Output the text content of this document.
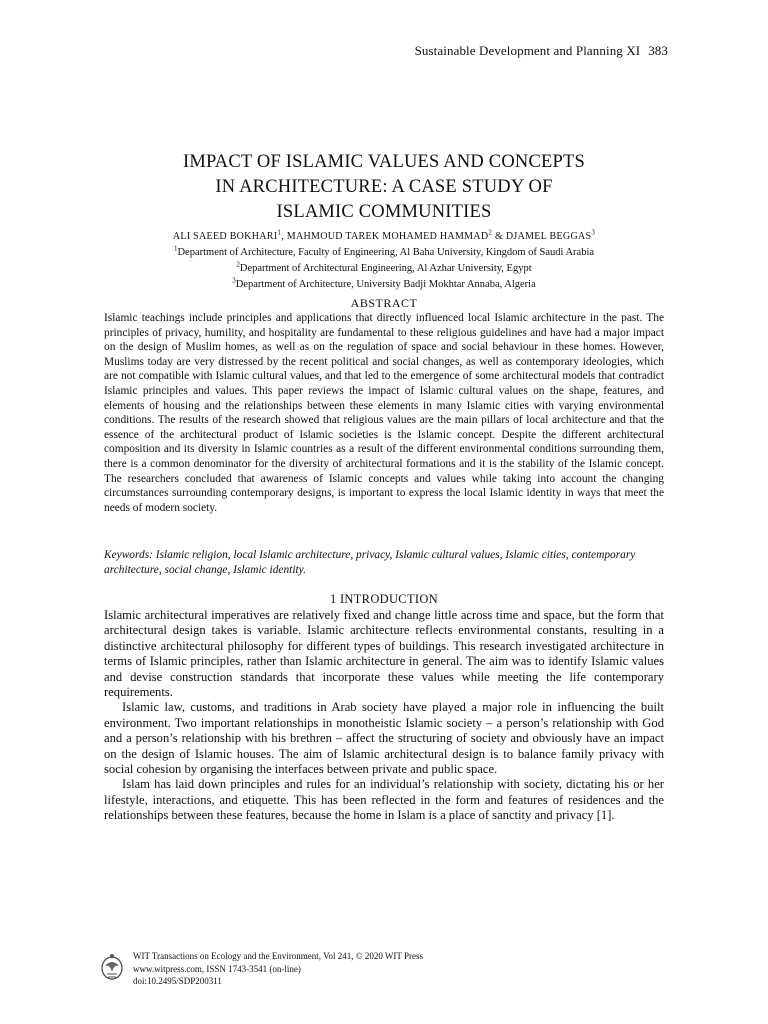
Sustainable Development and Planning XI 383
IMPACT OF ISLAMIC VALUES AND CONCEPTS
IN ARCHITECTURE: A CASE STUDY OF
ISLAMIC COMMUNITIES
ALI SAEED BOKHARI$^1$, MAHMOUD TAREK MOHAMED HAMMAD$^2$ & DJAMEL BEGGAS$^3$
$^1$Department of Architecture, Faculty of Engineering, Al Baha University, Kingdom of Saudi Arabia
$^2$Department of Architectural Engineering, Al Azhar University, Egypt
$^3$Department of Architecture, University Badji Mokhtar Annaba, Algeria
ABSTRACT

Islamic teachings include principles and applications that directly influenced local Islamic architecture in the past. The principles of privacy, humility, and hospitality are fundamental to these religious guidelines and have had a major impact on the design of Muslim homes, as well as on the regulation of space and social behaviour in these homes. However, Muslims today are very distressed by the recent political and social changes, as well as contemporary ideologies, which are not compatible with Islamic cultural values, and that led to the emergence of some architectural models that contradict Islamic principles and values. This paper reviews the impact of Islamic cultural values on the shape, features, and elements of housing and the relationships between these elements in many Islamic cities with varying environmental conditions. The results of the research showed that religious values are the main pillars of local architecture and that the essence of the architectural product of Islamic societies is the Islamic concept. Despite the different architectural composition and its diversity in Islamic countries as a result of the different environmental conditions surrounding them, there is a common denominator for the diversity of architectural formations and it is the stability of the Islamic concept. The researchers concluded that awareness of Islamic concepts and values while taking into account the changing circumstances surrounding contemporary designs, is important to express the local Islamic identity in ways that meet the needs of modern society.

Keywords: Islamic religion, local Islamic architecture, privacy, Islamic cultural values, Islamic cities, contemporary architecture, social change, Islamic identity.

1 INTRODUCTION

Islamic architectural imperatives are relatively fixed and change little across time and space, but the form that architectural design takes is variable. Islamic architecture reflects environmental constants, resulting in a distinctive architectural philosophy for different types of buildings. This research investigated architecture in terms of Islamic principles, rather than Islamic architecture in general. The aim was to identify Islamic values and devise construction standards that incorporate these values while meeting the life contemporary requirements.

Islamic law, customs, and traditions in Arab society have played a major role in influencing the built environment. Two important relationships in monotheistic Islamic society – a person’s relationship with God and a person’s relationship with his brethren – affect the structuring of society and obviously have an impact on the design of Islamic houses. The aim of Islamic architectural design is to balance family privacy with social cohesion by organising the interfaces between private and public space.

Islam has laid down principles and rules for an individual’s relationship with society, dictating his or her lifestyle, interactions, and etiquette. This has been reflected in the form and features of residences and the relationships between these features, because the home in Islam is a place of sanctity and privacy [1].

WIT Transactions on Ecology and the Environment, Vol 241, © 2020 WIT Press
www.witpress.com, ISSN 1743-3541 (on-line)
doi:10.2495/SDP200311
